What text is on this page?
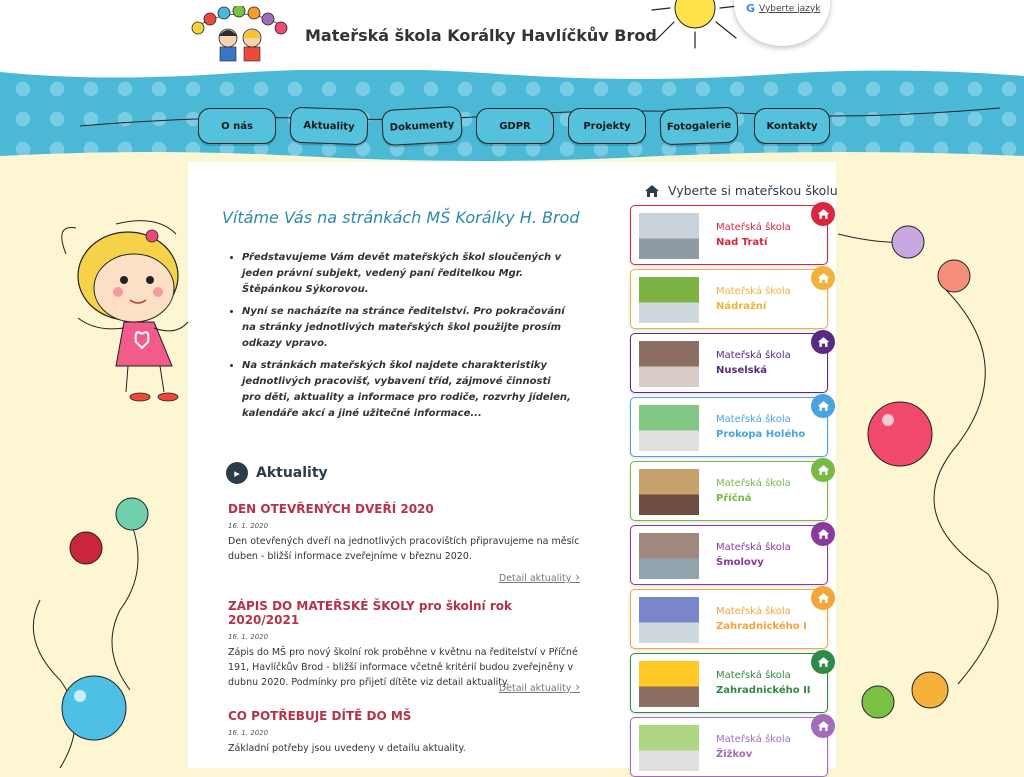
Mateřská škola Korálky Havlíčkův Brod
G Vyberte jazyk
O nás	Aktuality	Dokumenty	GDPR	Projekty	Fotogalerie	Kontakty
Vítáme Vás na stránkách MŠ Korálky H. Brod
• Představujeme Vám devět mateřských škol sloučených v jeden právní subjekt, vedený paní ředitelkou Mgr. Štěpánkou Sýkorovou.
• Nyní se nacházíte na stránce ředitelství. Pro pokračování na stránky jednotlivých mateřských škol použijte prosím odkazy vpravo.
• Na stránkách mateřských škol najdete charakteristiky jednotlivých pracovišť, vybavení tříd, zájmové činnosti pro děti, aktuality a informace pro rodiče, rozvrhy jídelen, kalendáře akcí a jiné užitečné informace...
▸	Aktuality
DEN OTEVŘENÝCH DVEŘÍ 2020
16. 1. 2020
Den otevřených dveří na jednotlivých pracovištích připravujeme na měsíc duben - bližší informace zveřejníme v březnu 2020.
Detail aktuality ›
ZÁPIS DO MATEŘSKÉ ŠKOLY pro školní rok 2020/2021
16. 1. 2020
Zápis do MŠ pro nový školní rok proběhne v květnu na ředitelství v Příčné 191, Havlíčkův Brod - bližší informace včetně kritérií budou zveřejněny v dubnu 2020. Podmínky pro přijetí dítěte viz detail aktuality.
Detail aktuality ›
CO POTŘEBUJE DÍTĚ DO MŠ
16. 1. 2020
Základní potřeby jsou uvedeny v detailu aktuality.
Vyberte si mateřskou školu
Mateřská škola
Nad Tratí
Mateřská škola
Nádražní
Mateřská škola
Nuselská
Mateřská škola
Prokopa Holého
Mateřská škola
Příčná
Mateřská škola
Šmolovy
Mateřská škola
Zahradnického I
Mateřská škola
Zahradnického II
Mateřská škola
Žižkov
